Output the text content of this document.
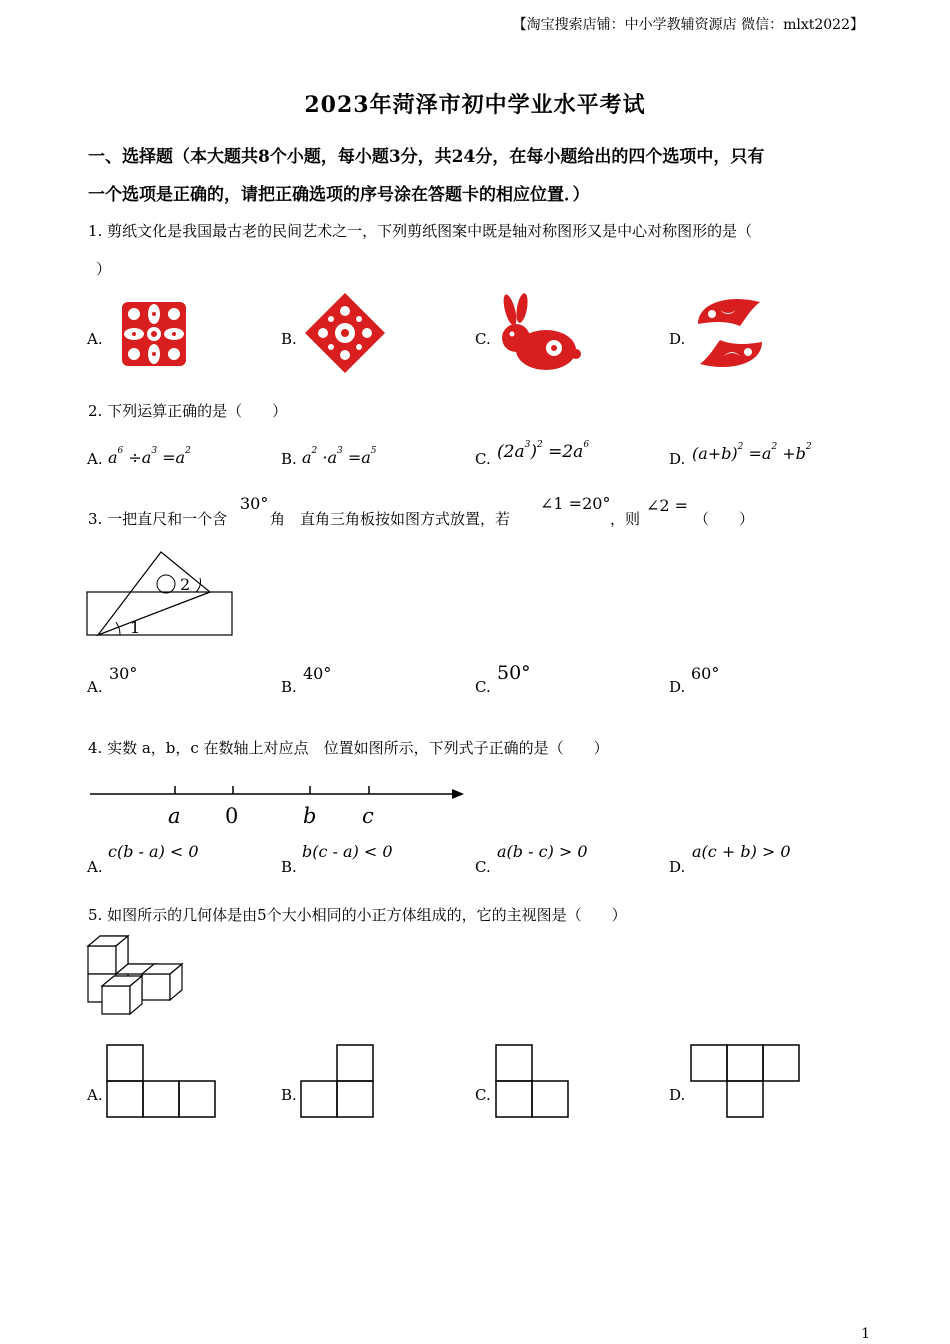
【淘宝搜索店铺：中小学教辅资源店 微信：mlxt2022】
2023年菏泽市初中学业水平考试
一、选择题（本大题共8个小题，每小题3分，共24分，在每小题给出的四个选项中，只有
一个选项是正确的，请把正确选项的序号涂在答题卡的相应位置．）
1. 剪纸文化是我国最古老的民间艺术之一，下列剪纸图案中既是轴对称图形又是中心对称图形的是（
）
A.	B.	C.	D.
2. 下列运算正确的是（　　）
A. $a^6 \div a^3 =a^2$	B. $a^2 \cdot a^3 =a^5$	C. $(2a^3)^2 =2a^6$
D. $(a+b)^2 =a^2 +b^2$
3. 一把直尺和一个含
30°
角　直角三角板按如图方式放置，若
∠1 =20°
，则
∠2 =
（　　）
2
1
A.
30°
B.
40°
C.
50°
D.
60°
4. 实数 a，b，c 在数轴上对应点　位置如图所示，下列式子正确的是（　　）
a 0	b c
A.
c(b - a) < 0
B.
b(c - a) < 0
C.
a(b - c) > 0
D.
a(c + b) > 0
5. 如图所示的几何体是由5个大小相同的小正方体组成的，它的主视图是（　　）
A.	B.	C.	D.
1
